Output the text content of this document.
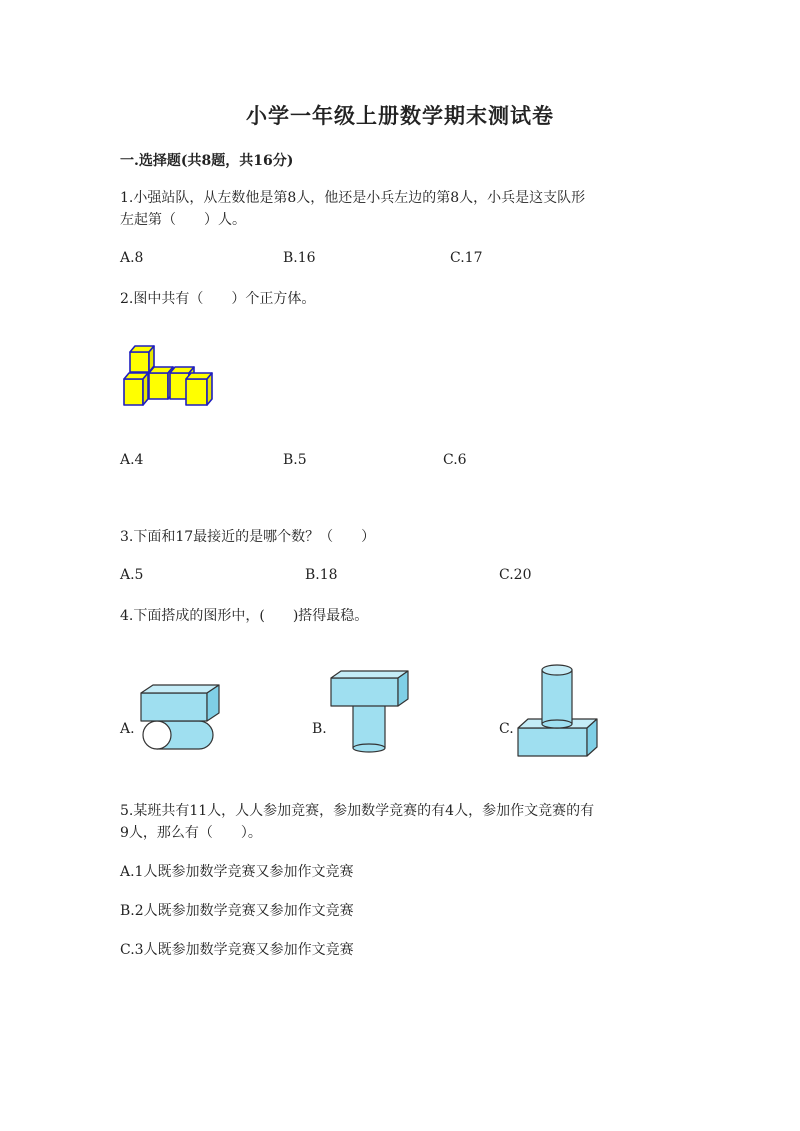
小学一年级上册数学期末测试卷
一.选择题(共8题，共16分)
1.小强站队，从左数他是第8人，他还是小兵左边的第8人，小兵是这支队形
左起第（　　）人。
A.8	B.16	C.17
2.图中共有（　　）个正方体。
A.4	B.5	C.6
3.下面和17最接近的是哪个数？（　　）
A.5	B.18	C.20
4.下面搭成的图形中，(　　)搭得最稳。
A.	B.	C.
5.某班共有11人，人人参加竞赛，参加数学竞赛的有4人，参加作文竞赛的有
9人，那么有（　　）。
A.1人既参加数学竞赛又参加作文竞赛
B.2人既参加数学竞赛又参加作文竞赛
C.3人既参加数学竞赛又参加作文竞赛
